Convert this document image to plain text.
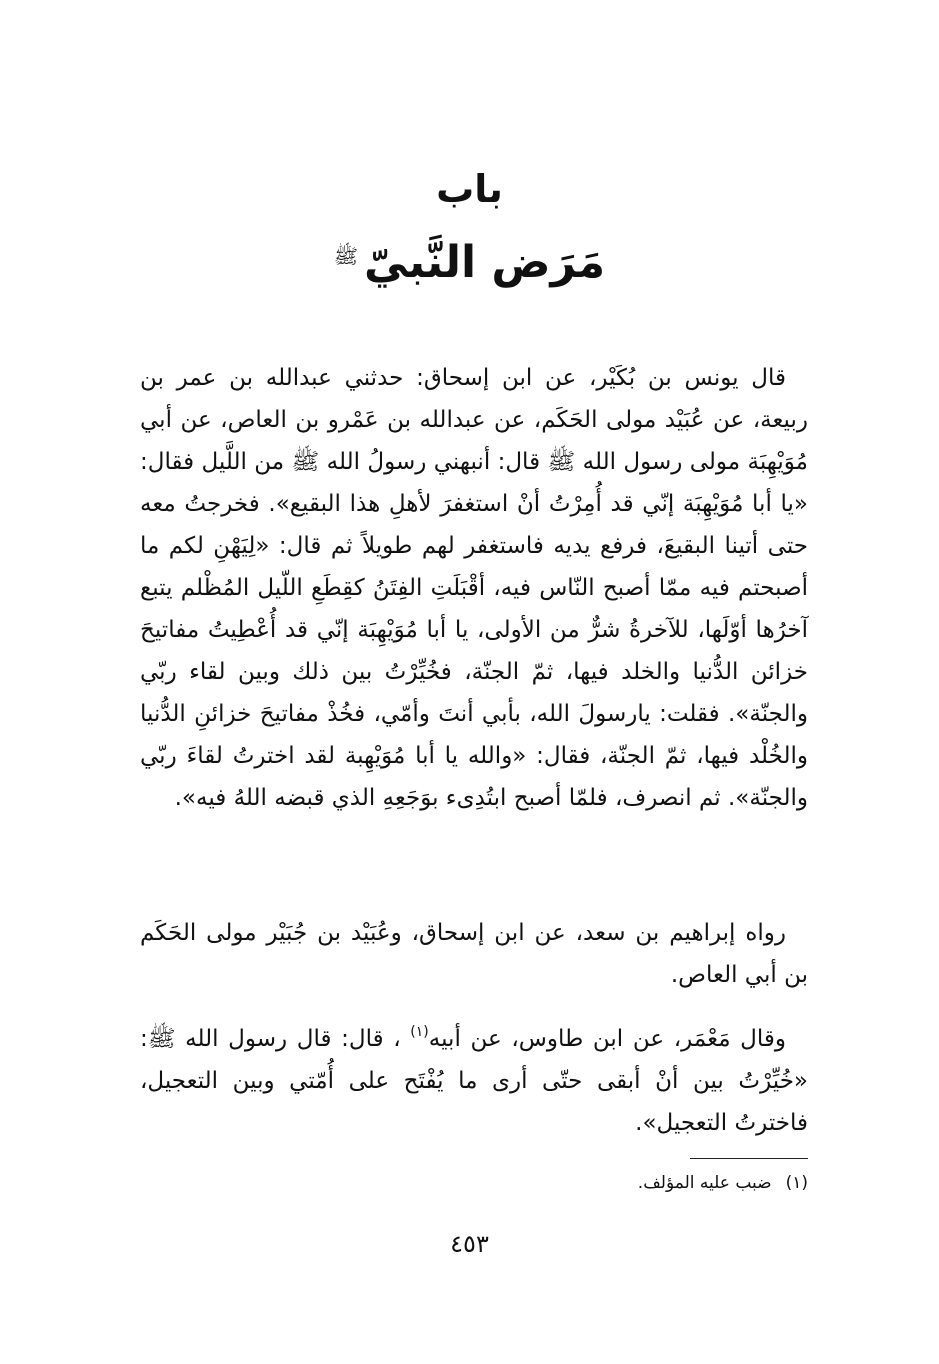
باب
مَرَض النَّبيّ$^ﷺ$

قال يونس بن بُكَيْر، عن ابن إسحاق: حدثني عبدالله بن عمر بن ربيعة، عن عُبَيْد مولى الحَكَم، عن عبدالله بن عَمْرو بن العاص، عن أبي مُوَيْهِبَة مولى رسول الله ﷺ قال: أنبهني رسولُ الله ﷺ من اللَّيل فقال: «يا أبا مُوَيْهِبَة إنّي قد أُمِرْتُ أنْ استغفرَ لأهلِ هذا البقيع». فخرجتُ معه حتى أتينا البقيعَ، فرفع يديه فاستغفر لهم طويلاً ثم قال: «لِيَهْنِ لكم ما أصبحتم فيه ممّا أصبح النّاس فيه، أقْبَلَتِ الفِتَنُ كقِطَعِ اللّيل المُظْلم يتبع آخرُها أوّلَها، للآخرةُ شرٌّ من الأولى، يا أبا مُوَيْهِبَة إنّي قد أُعْطِيتُ مفاتيحَ خزائن الدُّنيا والخلد فيها، ثمّ الجنّة، فخُيِّرْتُ بين ذلك وبين لقاء ربّي والجنّة». فقلت: يارسولَ الله، بأبي أنتَ وأمّي، فخُذْ مفاتيحَ خزائنِ الدُّنيا والخُلْد فيها، ثمّ الجنّة، فقال: «والله يا أبا مُوَيْهِبة لقد اخترتُ لقاءَ ربّي والجنّة». ثم انصرف، فلمّا أصبح ابتُدِىء بوَجَعِهِ الذي قبضه اللهُ فيه».

رواه إبراهيم بن سعد، عن ابن إسحاق، وعُبَيْد بن جُبَيْر مولى الحَكَم بن أبي العاص.

وقال مَعْمَر، عن ابن طاوس، عن أبيه$^{(١)}$ ، قال: قال رسول الله ﷺ: «خُيِّرْتُ بين أنْ أبقى حتّى أرى ما يُفْتَح على أُمّتي وبين التعجيل، فاخترتُ التعجيل».

(١)ضبب عليه المؤلف.
٤٥٣
